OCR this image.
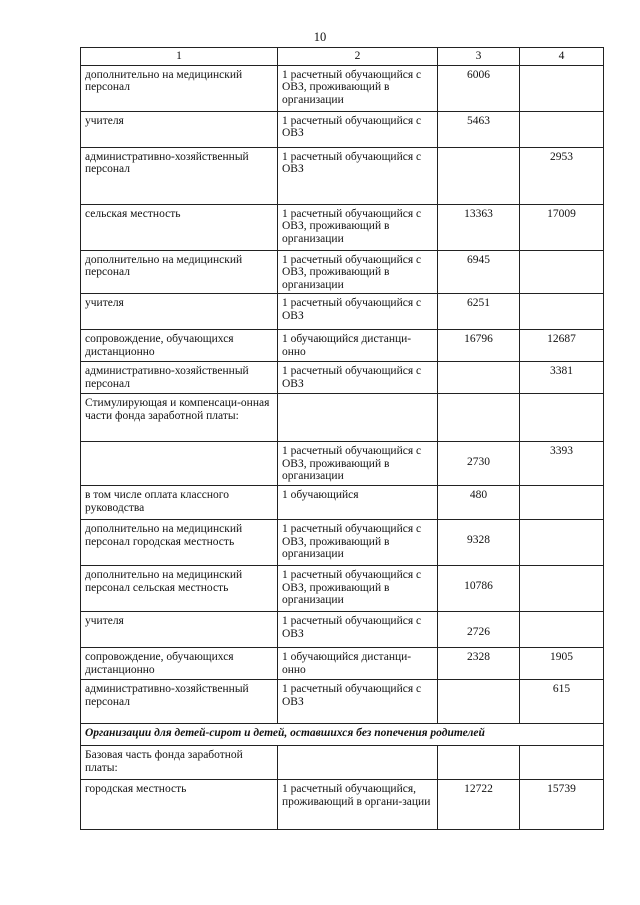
10
1	2	3	4
дополнительно на медицинский персонал	1 расчетный обучающийся с ОВЗ, проживающий в организации	6006	
учителя	1 расчетный обучающийся с ОВЗ	5463	
административно-хозяйственный персонал	1 расчетный обучающийся с ОВЗ		2953
сельская местность	1 расчетный обучающийся с ОВЗ, проживающий в организации	13363	17009
дополнительно на медицинский персонал	1 расчетный обучающийся с ОВЗ, проживающий в организации	6945	
учителя	1 расчетный обучающийся с ОВЗ	6251	
сопровождение, обучающихся дистанционно	1 обучающийся дистанци-онно	16796	12687
административно-хозяйственный персонал	1 расчетный обучающийся с ОВЗ		3381
Стимулирующая и компенсаци-онная части фонда заработной платы:			
	1 расчетный обучающийся с ОВЗ, проживающий в организации	2730	3393
в том числе оплата классного руководства	1 обучающийся	480	
дополнительно на медицинский персонал городская местность	1 расчетный обучающийся с ОВЗ, проживающий в организации	9328	
дополнительно на медицинский персонал сельская местность	1 расчетный обучающийся с ОВЗ, проживающий в организации	10786	
учителя	1 расчетный обучающийся с ОВЗ	2726	
сопровождение, обучающихся дистанционно	1 обучающийся дистанци-онно	2328	1905
административно-хозяйственный персонал	1 расчетный обучающийся с ОВЗ		615
Организации для детей-сирот и детей, оставшихся без попечения родителей			
Базовая часть фонда заработной платы:			
городская местность	1 расчетный обучающийся, проживающий в органи-зации	12722	15739
